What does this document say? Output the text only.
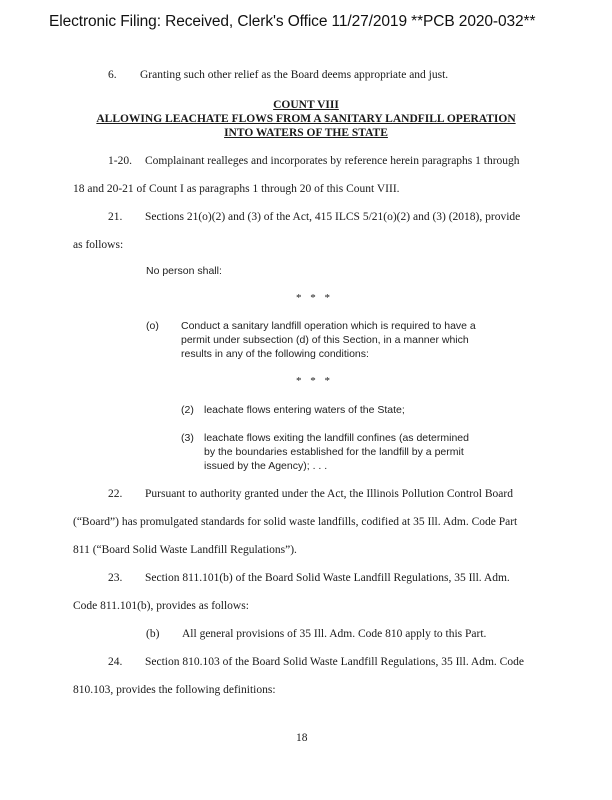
Electronic Filing: Received, Clerk's Office 11/27/2019 **PCB 2020-032**
6. Granting such other relief as the Board deems appropriate and just.
COUNT VIII
ALLOWING LEACHATE FLOWS FROM A SANITARY LANDFILL OPERATION
INTO WATERS OF THE STATE
1-20. Complainant realleges and incorporates by reference herein paragraphs 1 through
18 and 20-21 of Count I as paragraphs 1 through 20 of this Count VIII.
21. Sections 21(o)(2) and (3) of the Act, 415 ILCS 5/21(o)(2) and (3) (2018), provide
as follows:
No person shall:
* * *
(o) Conduct a sanitary landfill operation which is required to have a
permit under subsection (d) of this Section, in a manner which
results in any of the following conditions:
* * *
(2) leachate flows entering waters of the State;
(3) leachate flows exiting the landfill confines (as determined
by the boundaries established for the landfill by a permit
issued by the Agency); . . .
22. Pursuant to authority granted under the Act, the Illinois Pollution Control Board
(“Board”) has promulgated standards for solid waste landfills, codified at 35 Ill. Adm. Code Part
811 (“Board Solid Waste Landfill Regulations”).
23. Section 811.101(b) of the Board Solid Waste Landfill Regulations, 35 Ill. Adm.
Code 811.101(b), provides as follows:
(b) All general provisions of 35 Ill. Adm. Code 810 apply to this Part.
24. Section 810.103 of the Board Solid Waste Landfill Regulations, 35 Ill. Adm. Code
810.103, provides the following definitions:
18
